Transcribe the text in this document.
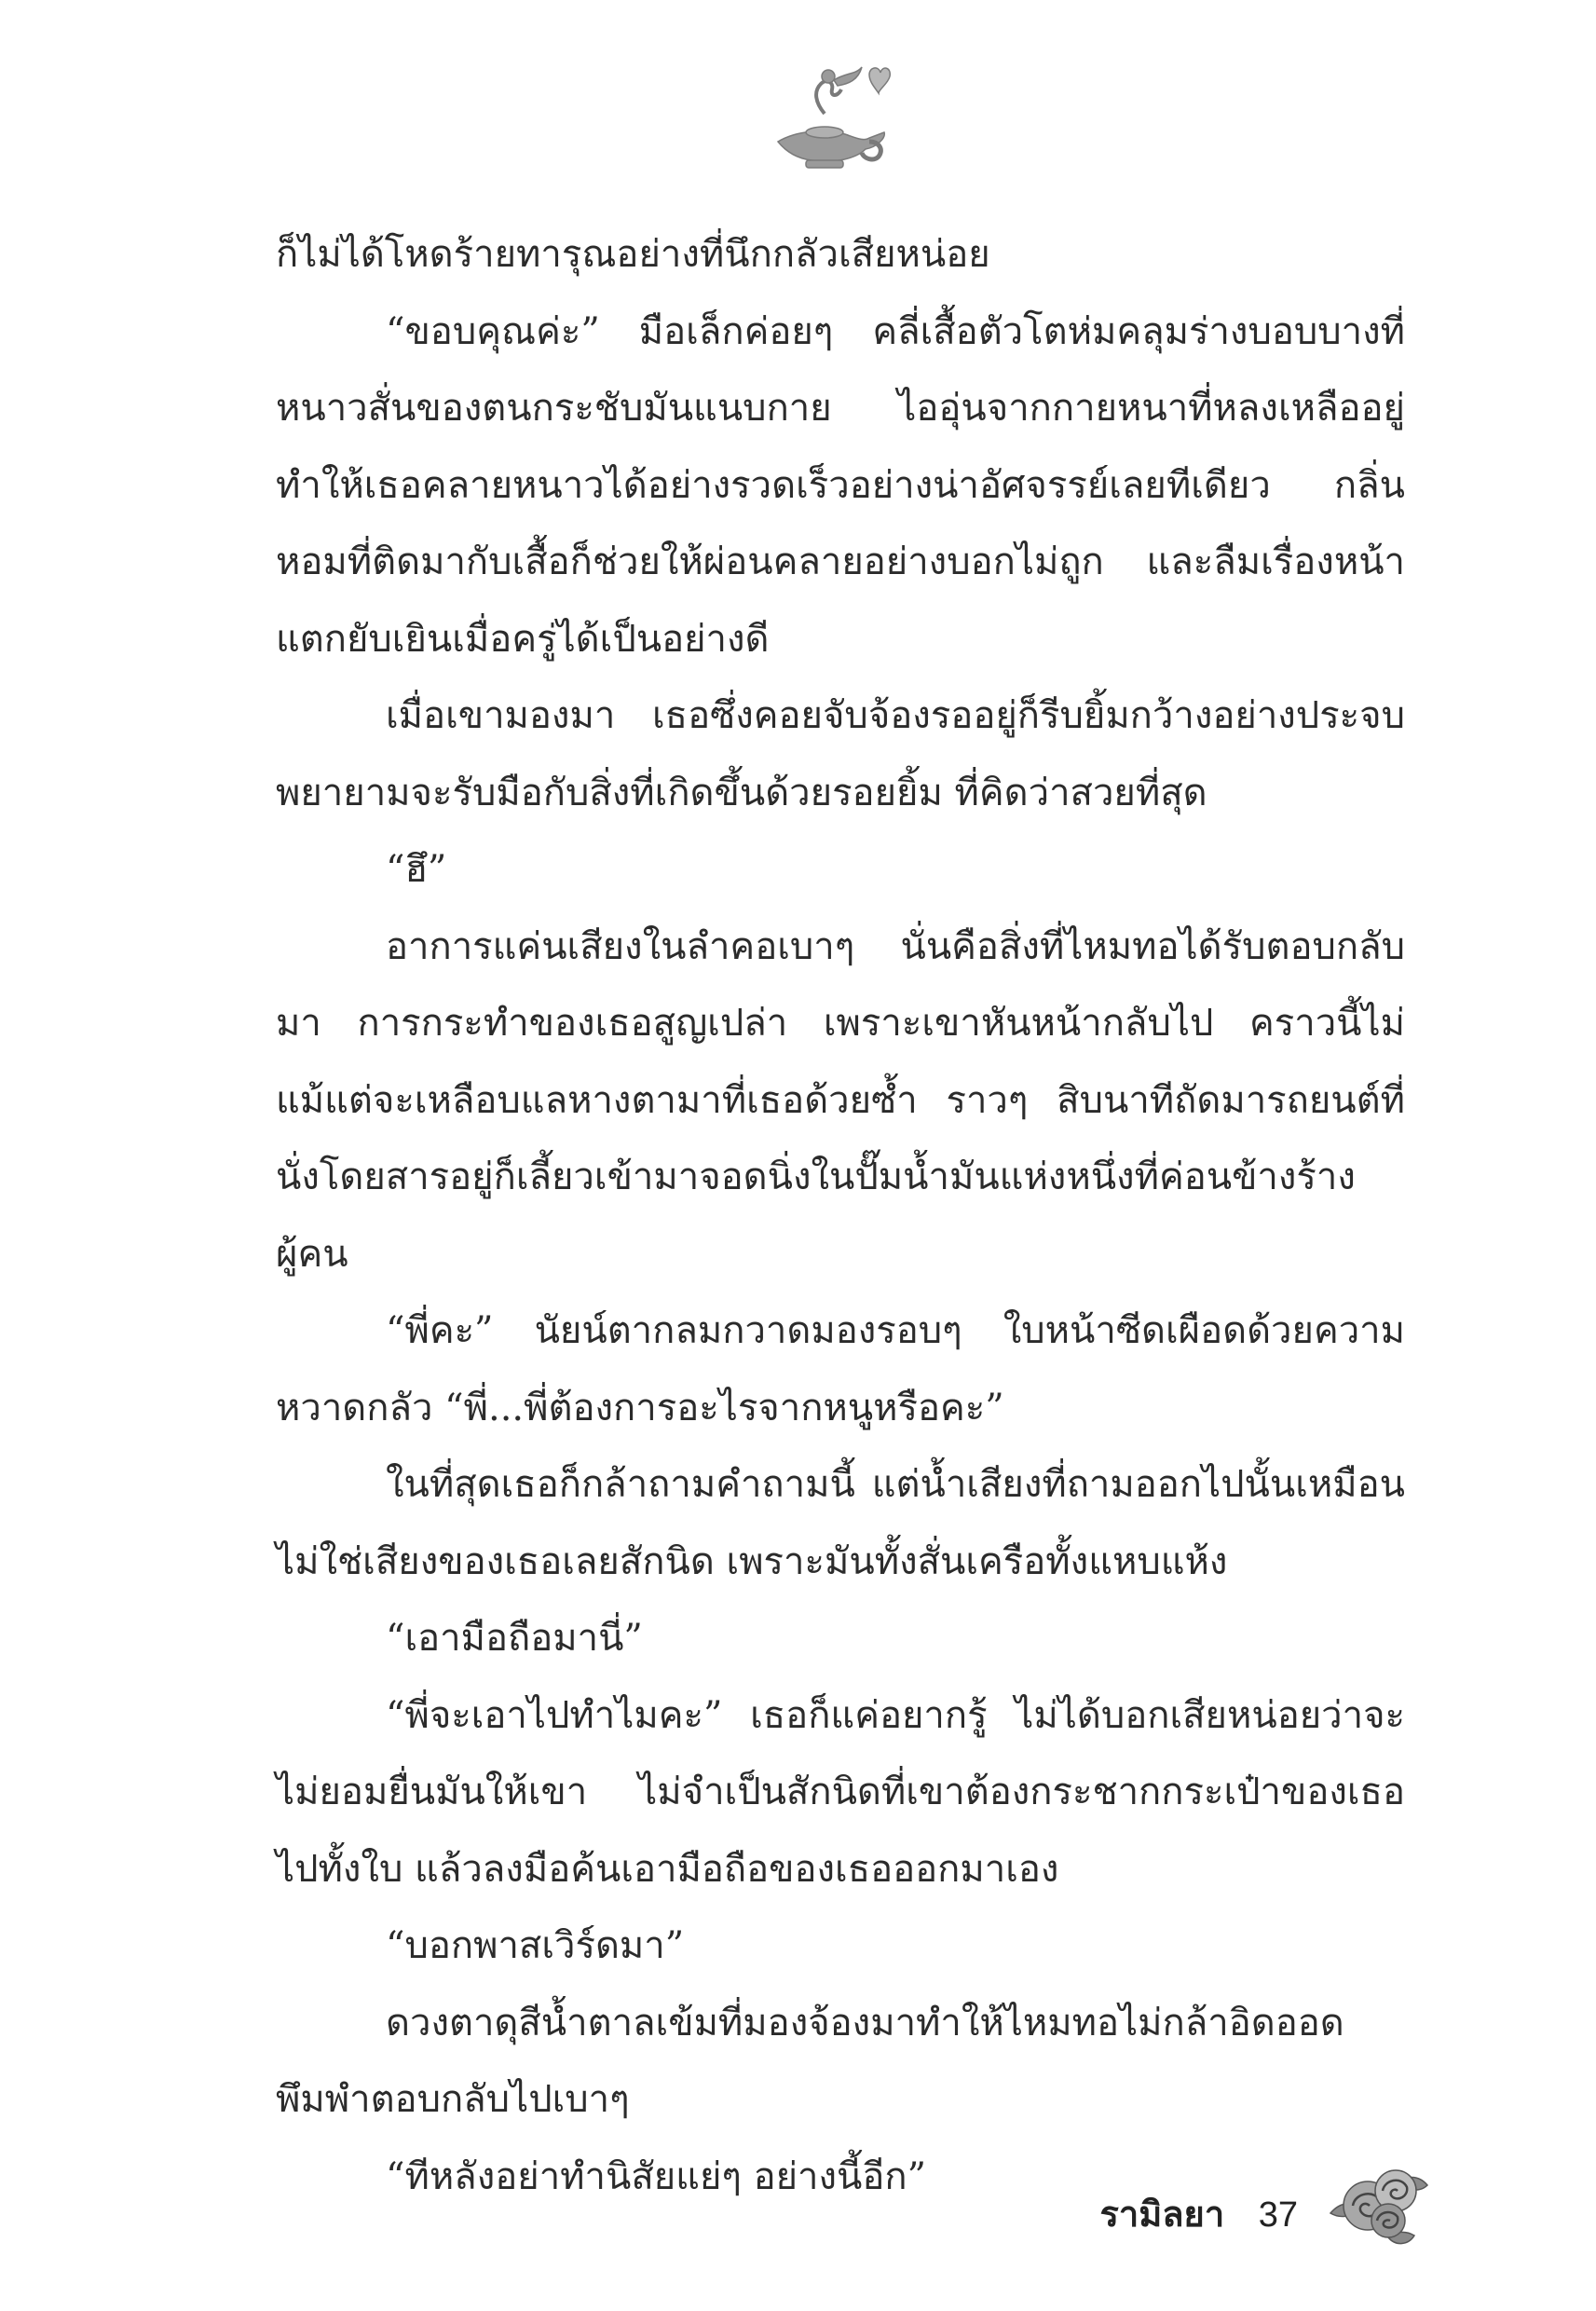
ก็ไม่ได้โหดร้ายทารุณอย่างที่นึกกลัวเสียหน่อย

“ขอบคุณค่ะ” มือเล็กค่อยๆ คลี่เสื้อตัวโตห่มคลุมร่างบอบบางที่หนาวสั่นของตนกระชับมันแนบกาย ไออุ่นจากกายหนาที่หลงเหลืออยู่ทำให้เธอคลายหนาวได้อย่างรวดเร็วอย่างน่าอัศจรรย์เลยทีเดียว กลิ่นหอมที่ติดมากับเสื้อก็ช่วยให้ผ่อนคลายอย่างบอกไม่ถูก และลืมเรื่องหน้าแตกยับเยินเมื่อครู่ได้เป็นอย่างดี

เมื่อเขามองมา เธอซึ่งคอยจับจ้องรออยู่ก็รีบยิ้มกว้างอย่างประจบพยายามจะรับมือกับสิ่งที่เกิดขึ้นด้วยรอยยิ้ม ที่คิดว่าสวยที่สุด

“ฮึ”

อาการแค่นเสียงในลำคอเบาๆ นั่นคือสิ่งที่ไหมทอได้รับตอบกลับมา การกระทำของเธอสูญเปล่า เพราะเขาหันหน้ากลับไป คราวนี้ไม่แม้แต่จะเหลือบแลหางตามาที่เธอด้วยซ้ำ ราวๆ สิบนาทีถัดมารถยนต์ที่นั่งโดยสารอยู่ก็เลี้ยวเข้ามาจอดนิ่งในปั๊มน้ำมันแห่งหนึ่งที่ค่อนข้างร้างผู้คน

“พี่คะ” นัยน์ตากลมกวาดมองรอบๆ ใบหน้าซีดเผือดด้วยความหวาดกลัว “พี่...พี่ต้องการอะไรจากหนูหรือคะ”

ในที่สุดเธอก็กล้าถามคำถามนี้ แต่น้ำเสียงที่ถามออกไปนั้นเหมือนไม่ใช่เสียงของเธอเลยสักนิด เพราะมันทั้งสั่นเครือทั้งแหบแห้ง

“เอามือถือมานี่”

“พี่จะเอาไปทำไมคะ” เธอก็แค่อยากรู้ ไม่ได้บอกเสียหน่อยว่าจะไม่ยอมยื่นมันให้เขา ไม่จำเป็นสักนิดที่เขาต้องกระชากกระเป๋าของเธอไปทั้งใบ แล้วลงมือค้นเอามือถือของเธอออกมาเอง

“บอกพาสเวิร์ดมา”

ดวงตาดุสีน้ำตาลเข้มที่มองจ้องมาทำให้ไหมทอไม่กล้าอิดออดพึมพำตอบกลับไปเบาๆ

“ทีหลังอย่าทำนิสัยแย่ๆ อย่างนี้อีก”

รามิลยา 37
